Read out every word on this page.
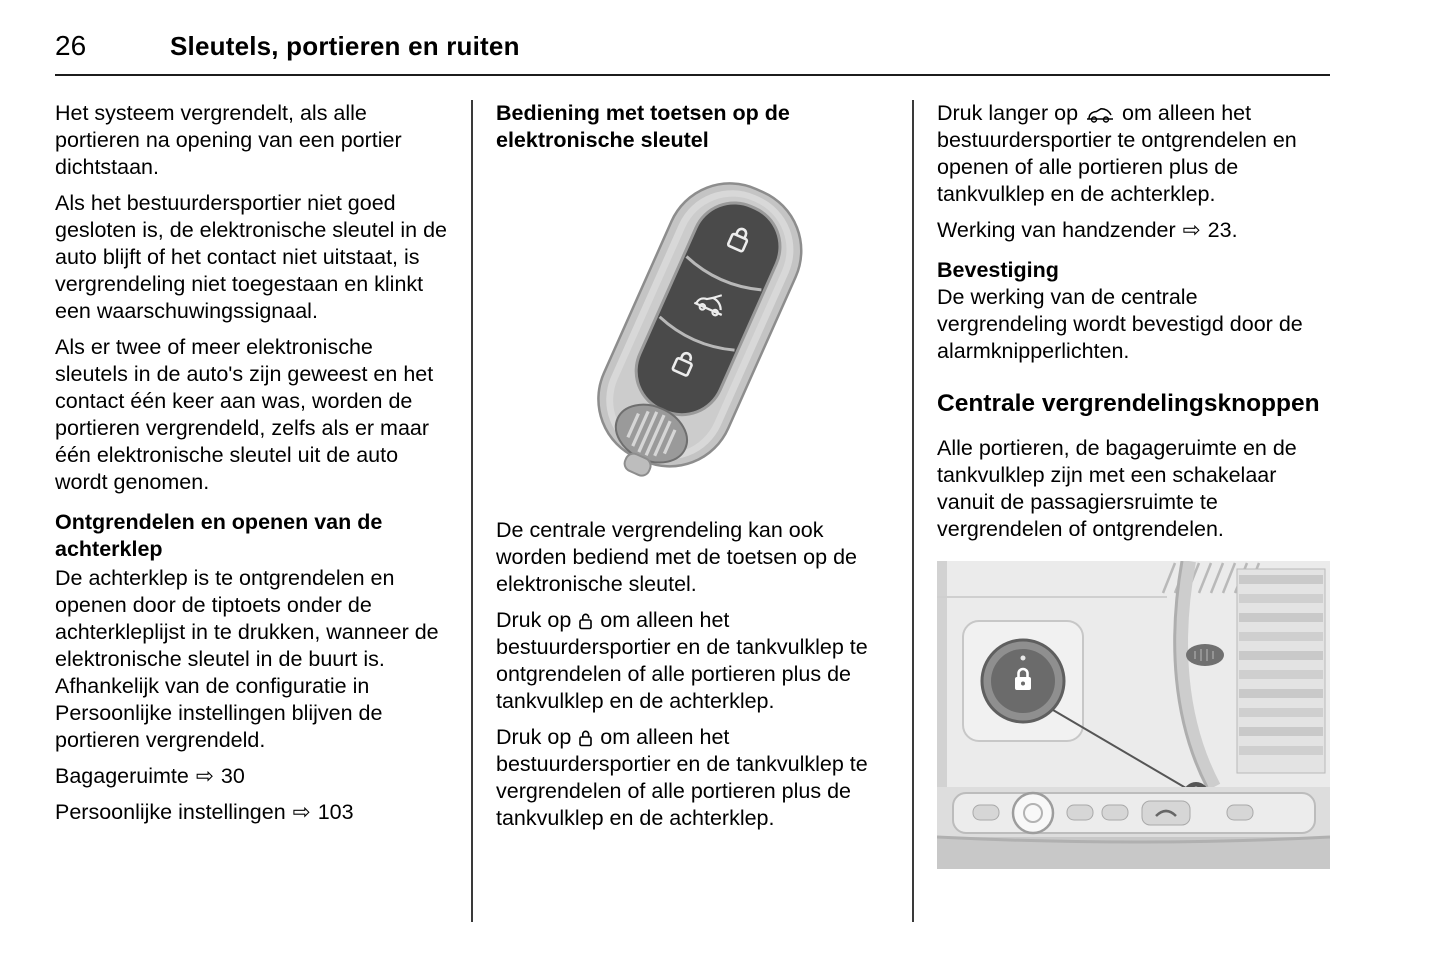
26	Sleutels, portieren en ruiten

Het systeem vergrendelt, als alle portieren na opening van een portier dichtstaan.

Als het bestuurdersportier niet goed gesloten is, de elektronische sleutel in de auto blijft of het contact niet uitstaat, is vergrendeling niet toegestaan en klinkt een waarschuwingssignaal.

Als er twee of meer elektronische sleutels in de auto's zijn geweest en het contact één keer aan was, worden de portieren vergrendeld, zelfs als er maar één elektronische sleutel uit de auto wordt genomen.

Ontgrendelen en openen van de achterklep

De achterklep is te ontgrendelen en openen door de tiptoets onder de achterkleplijst in te drukken, wanneer de elektronische sleutel in de buurt is. Afhankelijk van de configuratie in Persoonlijke instellingen blijven de portieren vergrendeld.

Bagageruimte ⇨ 30

Persoonlijke instellingen ⇨ 103

Bediening met toetsen op de elektronische sleutel

De centrale vergrendeling kan ook worden bediend met de toetsen op de elektronische sleutel.

Druk op om alleen het bestuurdersportier en de tankvulklep te ontgrendelen of alle portieren plus de tankvulklep en de achterklep.

Druk op om alleen het bestuurdersportier en de tankvulklep te vergrendelen of alle portieren plus de tankvulklep en de achterklep.

Druk langer op om alleen het bestuurdersportier te ontgrendelen en openen of alle portieren plus de tankvulklep en de achterklep.

Werking van handzender ⇨ 23.

Bevestiging

De werking van de centrale vergrendeling wordt bevestigd door de alarmknipperlichten.

Centrale vergrendelingsknoppen

Alle portieren, de bagageruimte en de tankvulklep zijn met een schakelaar vanuit de passagiersruimte te vergrendelen of ontgrendelen.
